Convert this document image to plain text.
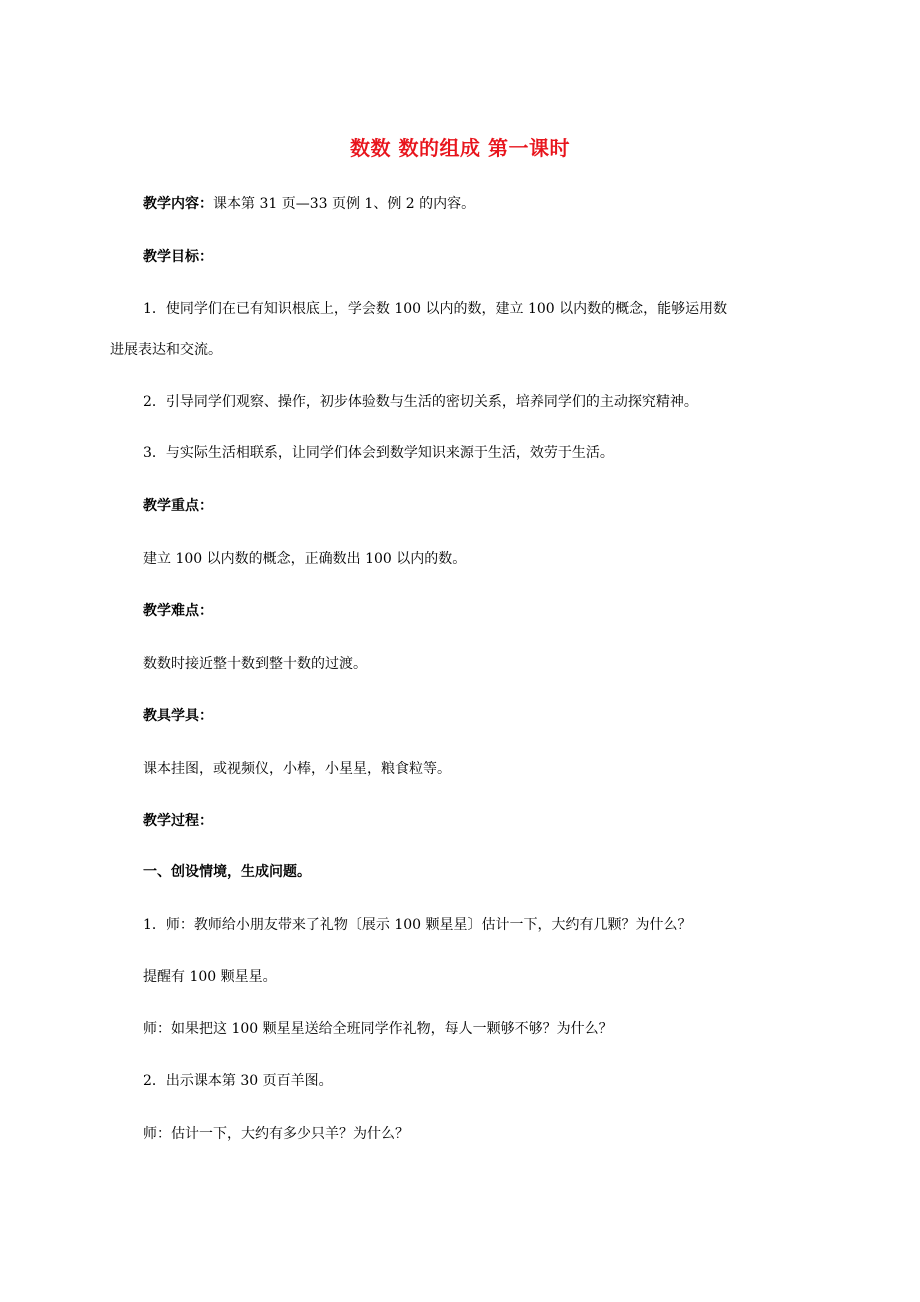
数数 数的组成 第一课时
教学内容：课本第 31 页—33 页例 1、例 2 的内容。
教学目标：
1．使同学们在已有知识根底上，学会数 100 以内的数，建立 100 以内数的概念，能够运用数
进展表达和交流。
2．引导同学们观察、操作，初步体验数与生活的密切关系，培养同学们的主动探究精神。
3．与实际生活相联系，让同学们体会到数学知识来源于生活，效劳于生活。
教学重点：
建立 100 以内数的概念，正确数出 100 以内的数。
教学难点：
数数时接近整十数到整十数的过渡。
教具学具：
课本挂图，或视频仪，小棒，小星星，粮食粒等。
教学过程：
一、创设情境，生成问题。
1．师：教师给小朋友带来了礼物〔展示 100 颗星星〕估计一下，大约有几颗？为什么？
提醒有 100 颗星星。
师：如果把这 100 颗星星送给全班同学作礼物，每人一颗够不够？为什么？
2．出示课本第 30 页百羊图。
师：估计一下，大约有多少只羊？为什么？
